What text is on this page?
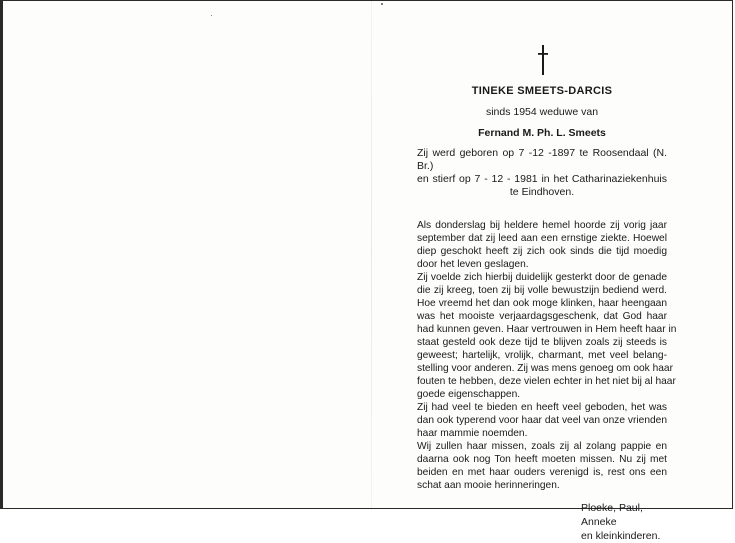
TINEKE SMEETS-DARCIS

sinds 1954 weduwe van

Fernand M. Ph. L. Smeets

Zij werd geboren op 7 -12 -1897 te Roosendaal (N. Br.)
en stierf op 7 - 12 - 1981 in het Catharinaziekenhuis
te Eindhoven.

Als donderslag bij heldere hemel hoorde zij vorig jaar
september dat zij leed aan een ernstige ziekte. Hoewel
diep geschokt heeft zij zich ook sinds die tijd moedig
door het leven geslagen.
Zij voelde zich hierbij duidelijk gesterkt door de genade
die zij kreeg, toen zij bij volle bewustzijn bediend werd.
Hoe vreemd het dan ook moge klinken, haar heengaan
was het mooiste verjaardagsgeschenk, dat God haar
had kunnen geven. Haar vertrouwen in Hem heeft haar in
staat gesteld ook deze tijd te blijven zoals zij steeds is
geweest; hartelijk, vrolijk, charmant, met veel belang-
stelling voor anderen. Zij was mens genoeg om ook haar
fouten te hebben, deze vielen echter in het niet bij al haar
goede eigenschappen.
Zij had veel te bieden en heeft veel geboden, het was
dan ook typerend voor haar dat veel van onze vrienden
haar mammie noemden.
Wij zullen haar missen, zoals zij al zolang pappie en
daarna ook nog Ton heeft moeten missen. Nu zij met
beiden en met haar ouders verenigd is, rest ons een
schat aan mooie herinneringen.

Ploeke, Paul, Anneke
en kleinkinderen.
